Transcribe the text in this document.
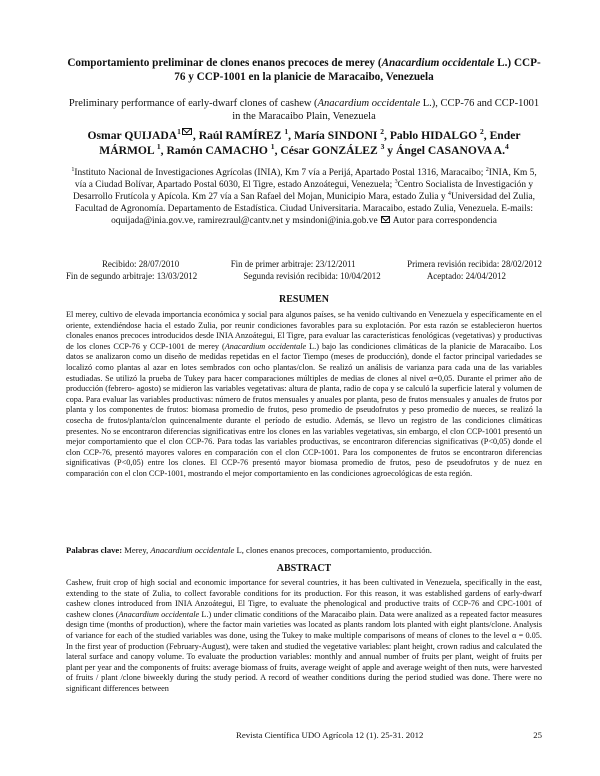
Comportamiento preliminar de clones enanos precoces de merey (Anacardium occidentale L.) CCP-76 y CCP-1001 en la planicie de Maracaibo, Venezuela

Preliminary performance of early-dwarf clones of cashew (Anacardium occidentale L.), CCP-76 and CCP-1001 in the Maracaibo Plain, Venezuela

Osmar QUIJADA$^1$ , Raúl RAMÍREZ $^1$, María SINDONI $^2$, Pablo HIDALGO $^2$, Ender MÁRMOL $^1$, Ramón CAMACHO $^1$, César GONZÁLEZ $^3$ y Ángel CASANOVA A.$^4$

$^1$Instituto Nacional de Investigaciones Agrícolas (INIA), Km 7 vía a Perijá, Apartado Postal 1316, Maracaibo; $^2$INIA, Km 5, vía a Ciudad Bolívar, Apartado Postal 6030, El Tigre, estado Anzoátegui, Venezuela; $^3$Centro Socialista de Investigación y Desarrollo Frutícola y Apícola. Km 27 vía a San Rafael del Mojan, Municipio Mara, estado Zulia y $^4$Universidad del Zulia, Facultad de Agronomía. Departamento de Estadística. Ciudad Universitaria. Maracaibo, estado Zulia, Venezuela. E-mails: oquijada@inia.gov.ve, ramirezraul@cantv.net y msindoni@inia.gob.ve Autor para correspondencia

Recibido: 28/07/2010	Fin de primer arbitraje: 23/12/2011	Primera revisión recibida: 28/02/2012
Fin de segundo arbitraje: 13/03/2012	Segunda revisión recibida: 10/04/2012	Aceptado: 24/04/2012

RESUMEN

El merey, cultivo de elevada importancia económica y social para algunos países, se ha venido cultivando en Venezuela y específicamente en el oriente, extendiéndose hacia el estado Zulia, por reunir condiciones favorables para su explotación. Por esta razón se establecieron huertos clonales enanos precoces introducidos desde INIA Anzoátegui, El Tigre, para evaluar las características fenológicas (vegetativas) y productivas de los clones CCP-76 y CCP-1001 de merey (Anacardium occidentale L.) bajo las condiciones climáticas de la planicie de Maracaibo. Los datos se analizaron como un diseño de medidas repetidas en el factor Tiempo (meses de producción), donde el factor principal variedades se localizó como plantas al azar en lotes sembrados con ocho plantas/clon. Se realizó un análisis de varianza para cada una de las variables estudiadas. Se utilizó la prueba de Tukey para hacer comparaciones múltiples de medias de clones al nivel α=0,05. Durante el primer año de producción (febrero- agosto) se midieron las variables vegetativas: altura de planta, radio de copa y se calculó la superficie lateral y volumen de copa. Para evaluar las variables productivas: número de frutos mensuales y anuales por planta, peso de frutos mensuales y anuales de frutos por planta y los componentes de frutos: biomasa promedio de frutos, peso promedio de pseudofrutos y peso promedio de nueces, se realizó la cosecha de frutos/planta/clon quincenalmente durante el período de estudio. Además, se llevo un registro de las condiciones climáticas presentes. No se encontraron diferencias significativas entre los clones en las variables vegetativas, sin embargo, el clon CCP-1001 presentó un mejor comportamiento que el clon CCP-76. Para todas las variables productivas, se encontraron diferencias significativas (P<0,05) donde el clon CCP-76, presentó mayores valores en comparación con el clon CCP-1001. Para los componentes de frutos se encontraron diferencias significativas (P<0,05) entre los clones. El CCP-76 presentó mayor biomasa promedio de frutos, peso de pseudofrutos y de nuez en comparación con el clon CCP-1001, mostrando el mejor comportamiento en las condiciones agroecológicas de esta región.

Palabras clave: Merey, Anacardium occidentale L, clones enanos precoces, comportamiento, producción.

ABSTRACT

Cashew, fruit crop of high social and economic importance for several countries, it has been cultivated in Venezuela, specifically in the east, extending to the state of Zulia, to collect favorable conditions for its production. For this reason, it was established gardens of early-dwarf cashew clones introduced from INIA Anzoátegui, El Tigre, to evaluate the phenological and productive traits of CCP-76 and CPC-1001 of cashew clones (Anacardium occidentale L.) under climatic conditions of the Maracaibo plain. Data were analized as a repeated factor measures design time (months of production), where the factor main varieties was located as plants random lots planted with eight plants/clone. Analysis of variance for each of the studied variables was done, using the Tukey to make multiple comparisons of means of clones to the level α = 0.05. In the first year of production (February-August), were taken and studied the vegetative variables: plant height, crown radius and calculated the lateral surface and canopy volume. To evaluate the production variables: monthly and annual number of fruits per plant, weight of fruits per plant per year and the components of fruits: average biomass of fruits, average weight of apple and average weight of then nuts, were harvested of fruits / plant /clone biweekly during the study period. A record of weather conditions during the period studied was done. There were no significant differences between

Revista Científica UDO Agrícola 12 (1). 25-31. 2012	25
